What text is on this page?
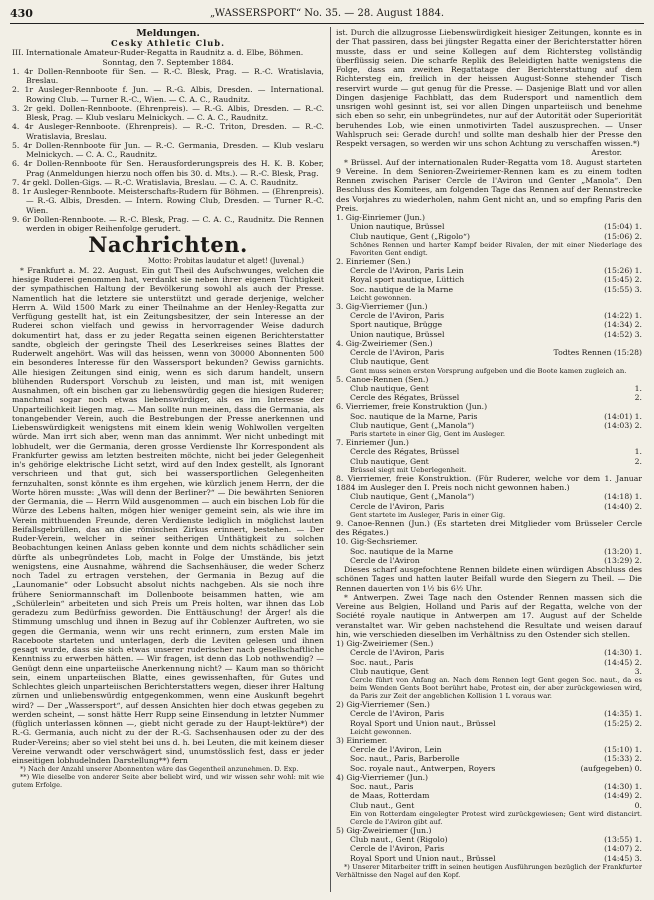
430	„WASSERSPORT“ No. 35. — 28. August 1884.

Meldungen.

Cesky Athletic Club.

III. Internationale Amateur-Ruder-Regatta in Raudnitz a. d. Elbe, Böhmen.

Sonntag, den 7. September 1884.

1. 4r Dollen-Rennboote für Sen. — R.-C. Blesk, Prag. — R.-C. Wratislavia, Breslau.

2. 1r Ausleger-Rennboote f. Jun. — R.-G. Albis, Dresden. — International. Rowing Club. — Turner R.-C., Wien. — C. A. C., Raudnitz.

3. 2r gekl. Dollen-Rennboote. (Ehrenpreis). — R.-G. Albis, Dresden. — R.-C. Blesk, Prag. — Klub veslaru Melnickych. — C. A. C., Raudnitz.

4. 4r Ausleger-Rennboote. (Ehrenpreis). — R.-C. Triton, Dresden. — R.-C. Wratislavia, Breslau.

5. 4r Dollen-Rennboote für Jun. — R.-C. Germania, Dresden. — Klub veslaru Melnickych. — C. A. C., Raudnitz.

6. 4r Dollen-Rennboote für Sen. Herausforderungspreis des H. K. B. Kober, Prag (Anmeldungen hierzu noch offen bis 30. d. Mts.). — R.-C. Blesk, Prag.

7. 4r gekl. Dollen-Gigs. — R.-C. Wratislavia, Breslau. — C. A. C. Raudnitz.

8. 1r Ausleger-Rennboote. Meisterschafts-Rudern für Böhmen. — (Ehrenpreis). — R.-G. Albis, Dresden. — Intern. Rowing Club, Dresden. — Turner R.-C. Wien.

9. 6r Dollen-Rennboote. — R.-C. Blesk, Prag. — C. A. C., Raudnitz. Die Rennen werden in obiger Reihenfolge gerudert.

Nachrichten.

Motto: Probitas laudatur et alget! (Juvenal.)

* Frankfurt a. M. 22. August. Ein gut Theil des Aufschwunges, welchen die hiesige Ruderei genommen hat, verdankt sie neben ihrer eigenen Tüchtigkeit der sympathischen Haltung der Bevölkerung sowohl als auch der Presse. Namentlich hat die letztere sie unterstützt und gerade derjenige, welcher Herrn A. Wild 1500 Mark zu einer Theilnahme an der Henley-Regatta zur Verfügung gestellt hat, ist ein Zeitungsbesitzer, der sein Interesse an der Ruderei schon vielfach und gewiss in hervorragender Weise dadurch dokumentirt hat, dass er zu jeder Regatta seinen eigenen Berichterstatter sandte, obgleich der geringste Theil des Leserkreises seines Blattes der Ruderwelt angehört. Was will das heissen, wenn von 30000 Abonnenten 500 ein besonderes Interesse für den Wassersport bekunden? Gewiss garnichts. Alle hiesigen Zeitungen sind einig, wenn es sich darum handelt, unsern blühenden Rudersport Vorschub zu leisten, und man ist, mit wenigen Ausnahmen, oft ein bischen gar zu liebenswürdig gegen die hiesigen Ruderer; manchmal sogar noch etwas liebenswürdiger, als es im Interesse der Unparteilichkeit liegen mag. — Man sollte nun meinen, dass die Germania, als tonangebender Verein, auch die Bestrebungen der Presse anerkennen und Liebenswürdigkeit wenigstens mit einem klein wenig Wohlwollen vergelten würde. Man irrt sich aber, wenn man das annimmt. Wer nicht unbedingt mit lobhudelt, wer die Germania, deren grosse Verdienste Ihr Korrespondent als Frankfurter gewiss am letzten bestreiten möchte, nicht bei jeder Gelegenheit in's gehörige elektrische Licht setzt, wird auf den Index gestellt, als Ignorant verschrieen und that gut, sich bei wassersportlichen Gelegenheiten fernzuhalten, sonst könnte es ihm ergehen, wie kürzlich jenem Herrn, der die Worte hören musste: „Was will denn der Berliner?“ — Die bewährten Senioren der Germania, die — Herrn Wild ausgenommen — auch ein bischen Lob für die Würze des Lebens halten, mögen hier weniger gemeint sein, als wie ihre im Verein mitthuenden Freunde, deren Verdienste lediglich in möglichst lauten Beifallsgebrüllen, das an die römischen Zirkus erinnert, bestehen. — Der Ruder-Verein, welcher in seiner seitherigen Unthätigkeit zu solchen Beobachtungen keinen Anlass geben konnte und dem nichts schädlicher sein dürfte als unbegründetes Lob, macht in Folge der Umstände, bis jetzt wenigstens, eine Ausnahme, während die Sachsenhäuser, die weder Scherz noch Tadel zu ertragen verstehen, der Germania in Bezug auf die „Launomanie“ oder Lobsucht absolut nichts nachgeben. Als sie noch ihre frühere Seniormannschaft im Dollenboote beisammen hatten, wie am „Schülerlein“ arbeiteten und sich Preis um Preis holten, war ihnen das Lob geradezu zum Bedürfniss geworden. Die Enttäuschung! der Ärger! als die Stimmung umschlug und ihnen in Bezug auf ihr Coblenzer Auftreten, wo sie gegen die Germania, wenn wir uns recht erinnern, zum ersten Male im Raceboote starteten und unterlagen, derb die Leviten gelesen und ihnen gesagt wurde, dass sie sich etwas unserer ruderischer nach gesellschaftliche Kenntniss zu erwerben hätten. — Wir fragen, ist denn das Lob nothwendig? — Genügt denn eine unparteiische Anerkennung nicht? — Kaum man so thöricht sein, einem unparteiischen Blatte, eines gewissenhaften, für Gutes und Schlechtes gleich unparteiischen Berichterstatters wegen, dieser ihrer Haltung zürnen und unliebenswürdig entgegenkommen, wenn eine Auskunft begehrt wird? — Der „Wassersport“, auf dessen Ansichten hier doch etwas gegeben zu werden scheint, — sonst hätte Herr Rupp seine Einsendung in letzter Nummer (füglich unterlassen können —, giebt nicht gerade zu der Haupt-lektüre*) der R.-G. Germania, auch nicht zu der der R.-G. Sachsenhausen oder zu der des Ruder-Vereins; aber so viel steht bei uns d. h. bei Leuten, die mit keinem dieser Vereine verwandt oder verschwägert sind, unumstösslich fest, dass er jeder einseitigen lobhudelnden Darstellung**) fern

*) Nach der Anzahl unserer Abonnenten wäre das Gegentheil anzunehmen. D. Exp.

**) Wie dieselbe von anderer Seite aber beliebt wird, und wir wissen sehr wohl: mit wie gutem Erfolge.

ist. Durch die allzugrosse Liebenswürdigkeit hiesiger Zeitungen, konnte es in der That passiren, dass bei jüngster Regatta einer der Berichterstatter hören musste, dass er und seine Kollegen auf dem Richtersteg vollständig überflüssig seien. Die scharfe Replik des Beleidigten hatte wenigstens die Folge, dass am zweiten Regattatage der Berichterstattung auf dem Richtersteg ein, freilich in der heissen August-Sonne stehender Tisch reservirt wurde — gut genug für die Presse. — Dasjenige Blatt und vor allen Dingen dasjenige Fachblatt, das dem Rudersport und namentlich dem unsrigen wohl gesinnt ist, sei vor allen Dingen unparteiisch und benehme sich eben so sehr, ein unbegründetes, nur auf der Autorität oder Superiorität beruhendes Lob, wie einen unmotivirten Tadel auszusprechen. — Unser Wahlspruch sei: Gerade durch! und sollte man deshalb hier der Presse den Respekt versagen, so werden wir uns schon Achtung zu verschaffen wissen.*)

Arestor.

* Brüssel. Auf der internationalen Ruder-Regatta vom 18. August starteten 9 Vereine. In dem Senioren-Zweiriemer-Rennen kam es zu einem todten Rennen zwischen Pariser Cercle de l'Aviron und Genter „Manola“. Den Beschluss des Komitees, am folgenden Tage das Rennen auf der Rennstrecke des Vorjahres zu wiederholen, nahm Gent nicht an, und so empfing Paris den Preis.

1. Gig-Einriemer (Jun.)

Union nautique, Brüssel	(15:04) 1.
Club nautique, Gent („Rigolo“)	(15:06) 2.

Schönes Rennen und harter Kampf beider Rivalen, der mit einer Niederlage des Favoriten Gent endigt.

2. Einriemer (Sen.)

Cercle de l'Aviron, Paris Lein	(15:26) 1.
Royal sport nautique, Lüttich	(15:45) 2.
Soc. nautique de la Marne	(15:55) 3.

Leicht gewonnen.

3. Gig-Vierriemer (Jun.)

Cercle de l'Aviron, Paris	(14:22) 1.
Sport nautique, Brügge	(14:34) 2.
Union nautique, Brüssel	(14:52) 3.

4. Gig-Zweiriemer (Sen.)

Cercle de l'Aviron, Paris	Todtes Rennen (15:28)
Club nautique, Gent

Gent muss seinen ersten Vorsprung aufgeben und die Boote kamen zugleich an.

5. Canoe-Rennen (Sen.)

Club nautique, Gent	1.
Cercle des Régates, Brüssel	2.

6. Vierriemer, freie Konstruktion (Jun.)

Soc. nautique de la Marne, Paris	(14:01) 1.
Club nautique, Gent („Manola“)	(14:03) 2.

Paris startete in einer Gig, Gent im Ausleger.

7. Einriemer (Jun.)

Cercle des Régates, Brüssel	1.
Club nautique, Gent	2.

Brüssel siegt mit Ueberlegenheit.

8. Vierriemer, freie Konstruktion. (Für Ruderer, welche vor dem 1. Januar 1884 im Ausleger den I. Preis noch nicht gewonnen haben.)

Club nautique, Gent („Manola“)	(14:18) 1.
Cercle de l'Aviron, Paris	(14:40) 2.

Gent startete im Ausleger, Paris in einer Gig.

9. Canoe-Rennen (Jun.) (Es starteten drei Mitglieder vom Brüsseler Cercle des Régates.)

10. Gig-Sechsriemer.

Soc. nautique de la Marne	(13:20) 1.
Cercle de l'Aviron	(13:29) 2.

Dieses scharf ausgefochtene Rennen bildete einen würdigen Abschluss des schönen Tages und hatten lauter Beifall wurde den Siegern zu Theil. — Die Rennen dauerten von 1½ bis 6½ Uhr.

* Antwerpen. Zwei Tage nach den Ostender Rennen massen sich die Vereine aus Belgien, Holland und Paris auf der Regatta, welche von der Société royale nautique in Antwerpen am 17. August auf der Schelde veranstaltet war. Wir geben nachstehend die Resultate und weisen darauf hin, wie verschieden dieselben im Verhältniss zu den Ostender sich stellen.

1) Gig-Zweiriemer (Sen.)

Cercle de l'Aviron, Paris	(14:30) 1.
Soc. naut., Paris	(14:45) 2.
Club nautique, Gent	3.

Cercle führt von Anfang an. Nach dem Rennen legt Gent gegen Soc. naut., da es beim Wenden Gents Boot berührt habe, Protest ein, der aber zurückgewiesen wird, da Paris zur Zeit der angeblichen Kollision 1 L voraus war.

2) Gig-Vierriemer (Sen.)

Cercle de l'Aviron, Paris	(14:35) 1.
Royal Sport und Union naut., Brüssel	(15:25) 2.

Leicht gewonnen.

3) Einriemer.

Cercle de l'Aviron, Lein	(15:10) 1.
Soc. naut., Paris, Barberolle	(15:33) 2.
Soc. royale naut., Antwerpen, Royers	(aufgegeben) 0.

4) Gig-Vierriemer (Jun.)

Soc. naut., Paris	(14:30) 1.
de Maas, Rotterdam	(14:49) 2.
Club naut., Gent	0.

Ein von Rotterdam eingelegter Protest wird zurückgewiesen; Gent wird distancirt. Cercle de l'Aviron gibt auf.

5) Gig-Zweiriemer (Jun.)

Club naut., Gent (Rigolo)	(13:55) 1.
Cercle de l'Aviron, Paris	(14:07) 2.
Royal Sport und Union naut., Brüssel	(14:45) 3.

*) Unserer Mitarbeiter trifft in seinen heutigen Ausführungen bezüglich der Frankfurter Verhältnisse den Nagel auf den Kopf.
